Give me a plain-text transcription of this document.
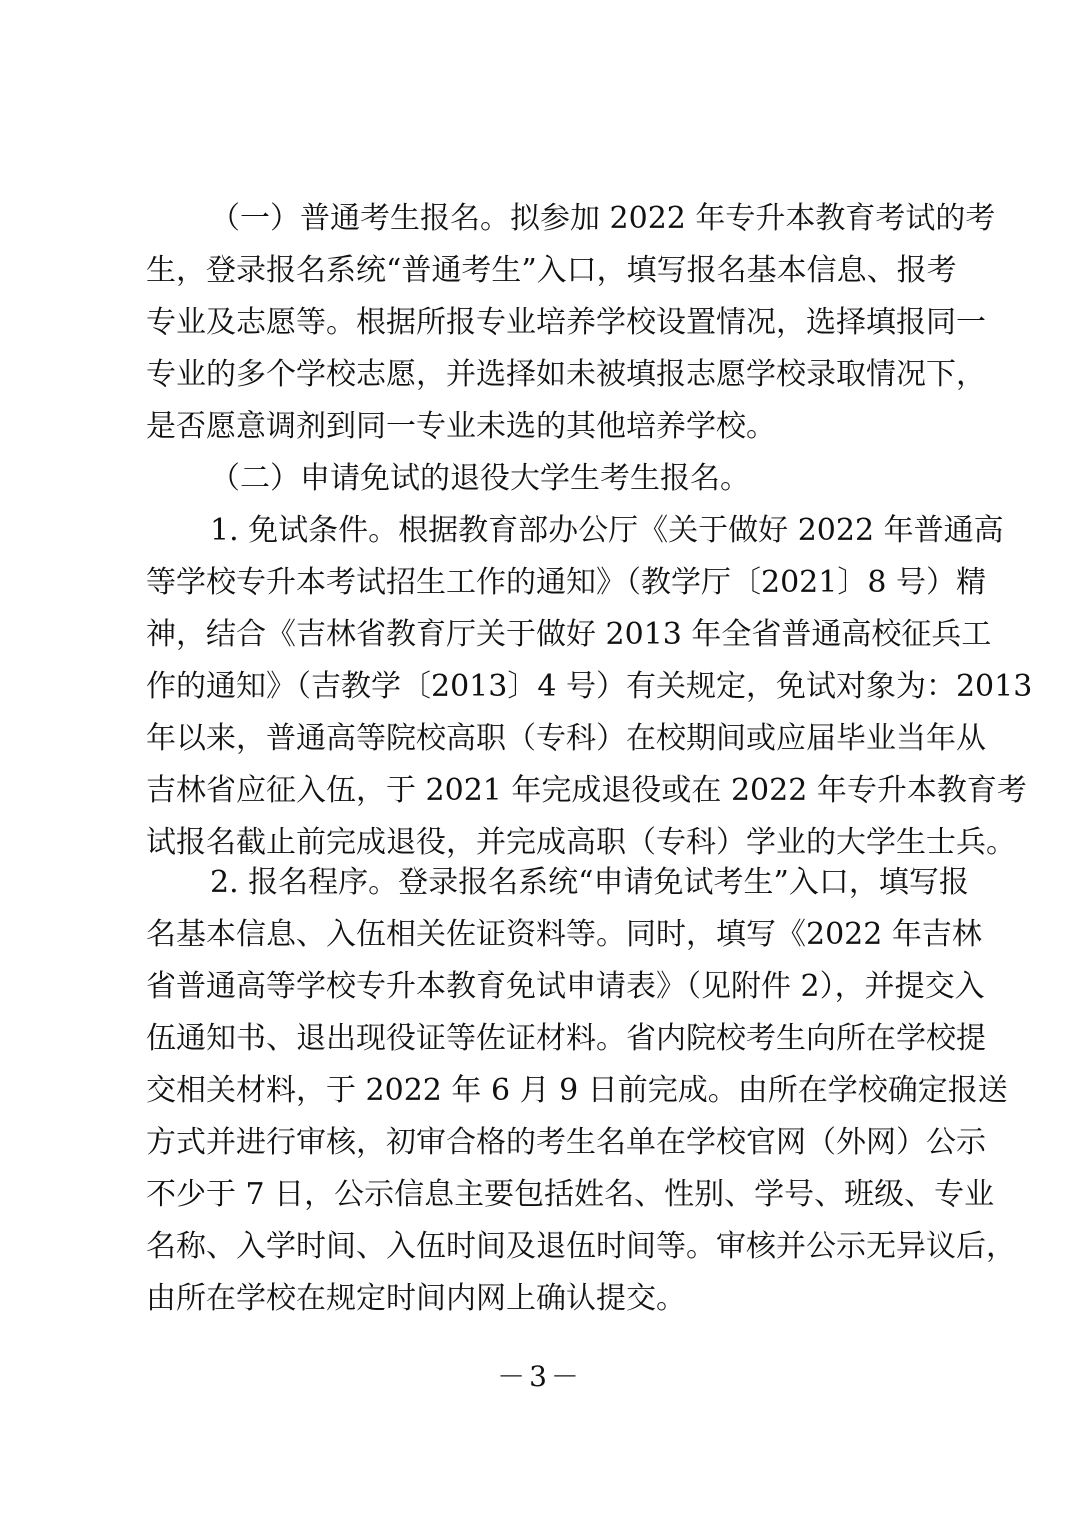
（一）普通考生报名。拟参加 2022 年专升本教育考试的考
生，登录报名系统“普通考生”入口，填写报名基本信息、报考
专业及志愿等。根据所报专业培养学校设置情况，选择填报同一
专业的多个学校志愿，并选择如未被填报志愿学校录取情况下，
是否愿意调剂到同一专业未选的其他培养学校。
（二）申请免试的退役大学生考生报名。
1. 免试条件。根据教育部办公厅《关于做好 2022 年普通高
等学校专升本考试招生工作的通知》（教学厅〔2021〕8 号）精
神，结合《吉林省教育厅关于做好 2013 年全省普通高校征兵工
作的通知》（吉教学〔2013〕4 号）有关规定，免试对象为：2013
年以来，普通高等院校高职（专科）在校期间或应届毕业当年从
吉林省应征入伍，于 2021 年完成退役或在 2022 年专升本教育考
试报名截止前完成退役，并完成高职（专科）学业的大学生士兵。
2. 报名程序。登录报名系统“申请免试考生”入口，填写报
名基本信息、入伍相关佐证资料等。同时，填写《2022 年吉林
省普通高等学校专升本教育免试申请表》（见附件 2），并提交入
伍通知书、退出现役证等佐证材料。省内院校考生向所在学校提
交相关材料，于 2022 年 6 月 9 日前完成。由所在学校确定报送
方式并进行审核，初审合格的考生名单在学校官网（外网）公示
不少于 7 日，公示信息主要包括姓名、性别、学号、班级、专业
名称、入学时间、入伍时间及退伍时间等。审核并公示无异议后，
由所在学校在规定时间内网上确认提交。
－3－
